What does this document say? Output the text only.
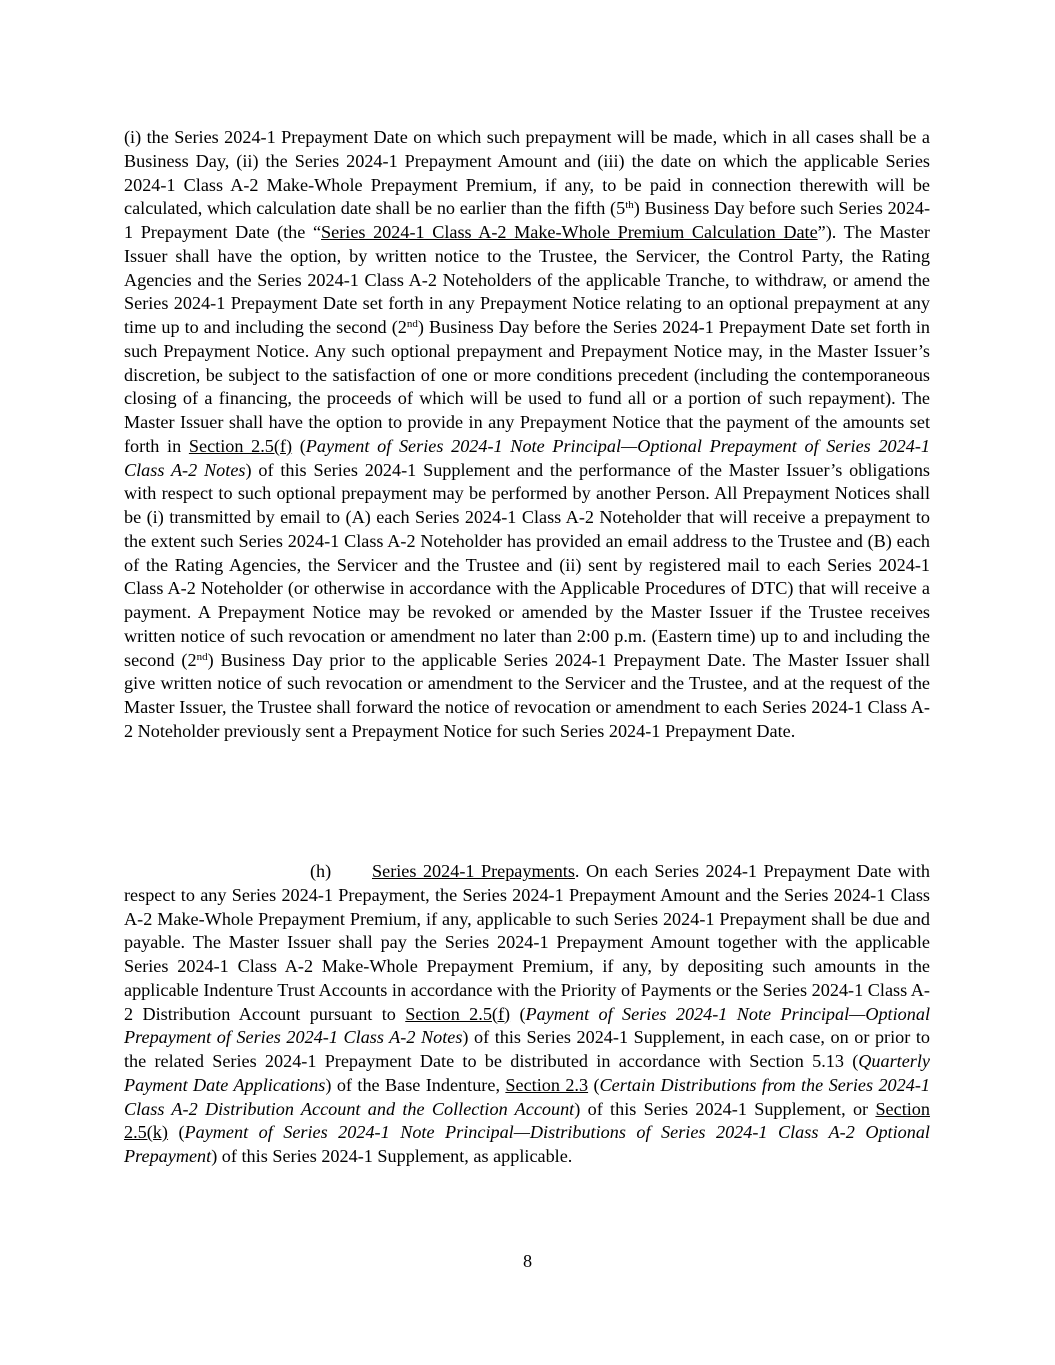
(i) the Series 2024-1 Prepayment Date on which such prepayment will be made, which in all cases shall be a Business Day, (ii) the Series 2024-1 Prepayment Amount and (iii) the date on which the applicable Series 2024-1 Class A-2 Make-Whole Prepayment Premium, if any, to be paid in connection therewith will be calculated, which calculation date shall be no earlier than the fifth (5th) Business Day before such Series 2024-1 Prepayment Date (the “Series 2024-1 Class A-2 Make-Whole Premium Calculation Date”). The Master Issuer shall have the option, by written notice to the Trustee, the Servicer, the Control Party, the Rating Agencies and the Series 2024-1 Class A-2 Noteholders of the applicable Tranche, to withdraw, or amend the Series 2024-1 Prepayment Date set forth in any Prepayment Notice relating to an optional prepayment at any time up to and including the second (2nd) Business Day before the Series 2024-1 Prepayment Date set forth in such Prepayment Notice. Any such optional prepayment and Prepayment Notice may, in the Master Issuer’s discretion, be subject to the satisfaction of one or more conditions precedent (including the contemporaneous closing of a financing, the proceeds of which will be used to fund all or a portion of such repayment). The Master Issuer shall have the option to provide in any Prepayment Notice that the payment of the amounts set forth in Section 2.5(f) (Payment of Series 2024-1 Note Principal—Optional Prepayment of Series 2024-1 Class A-2 Notes) of this Series 2024-1 Supplement and the performance of the Master Issuer’s obligations with respect to such optional prepayment may be performed by another Person. All Prepayment Notices shall be (i) transmitted by email to (A) each Series 2024-1 Class A-2 Noteholder that will receive a prepayment to the extent such Series 2024-1 Class A-2 Noteholder has provided an email address to the Trustee and (B) each of the Rating Agencies, the Servicer and the Trustee and (ii) sent by registered mail to each Series 2024-1 Class A-2 Noteholder (or otherwise in accordance with the Applicable Procedures of DTC) that will receive a payment. A Prepayment Notice may be revoked or amended by the Master Issuer if the Trustee receives written notice of such revocation or amendment no later than 2:00 p.m. (Eastern time) up to and including the second (2nd) Business Day prior to the applicable Series 2024-1 Prepayment Date. The Master Issuer shall give written notice of such revocation or amendment to the Servicer and the Trustee, and at the request of the Master Issuer, the Trustee shall forward the notice of revocation or amendment to each Series 2024-1 Class A-2 Noteholder previously sent a Prepayment Notice for such Series 2024-1 Prepayment Date.

(h) Series 2024-1 Prepayments. On each Series 2024-1 Prepayment Date with respect to any Series 2024-1 Prepayment, the Series 2024-1 Prepayment Amount and the Series 2024-1 Class A-2 Make-Whole Prepayment Premium, if any, applicable to such Series 2024-1 Prepayment shall be due and payable. The Master Issuer shall pay the Series 2024-1 Prepayment Amount together with the applicable Series 2024-1 Class A-2 Make-Whole Prepayment Premium, if any, by depositing such amounts in the applicable Indenture Trust Accounts in accordance with the Priority of Payments or the Series 2024-1 Class A-2 Distribution Account pursuant to Section 2.5(f) (Payment of Series 2024-1 Note Principal—Optional Prepayment of Series 2024-1 Class A-2 Notes) of this Series 2024-1 Supplement, in each case, on or prior to the related Series 2024-1 Prepayment Date to be distributed in accordance with Section 5.13 (Quarterly Payment Date Applications) of the Base Indenture, Section 2.3 (Certain Distributions from the Series 2024-1 Class A-2 Distribution Account and the Collection Account) of this Series 2024-1 Supplement, or Section 2.5(k) (Payment of Series 2024-1 Note Principal—Distributions of Series 2024-1 Class A-2 Optional Prepayment) of this Series 2024-1 Supplement, as applicable.

8
